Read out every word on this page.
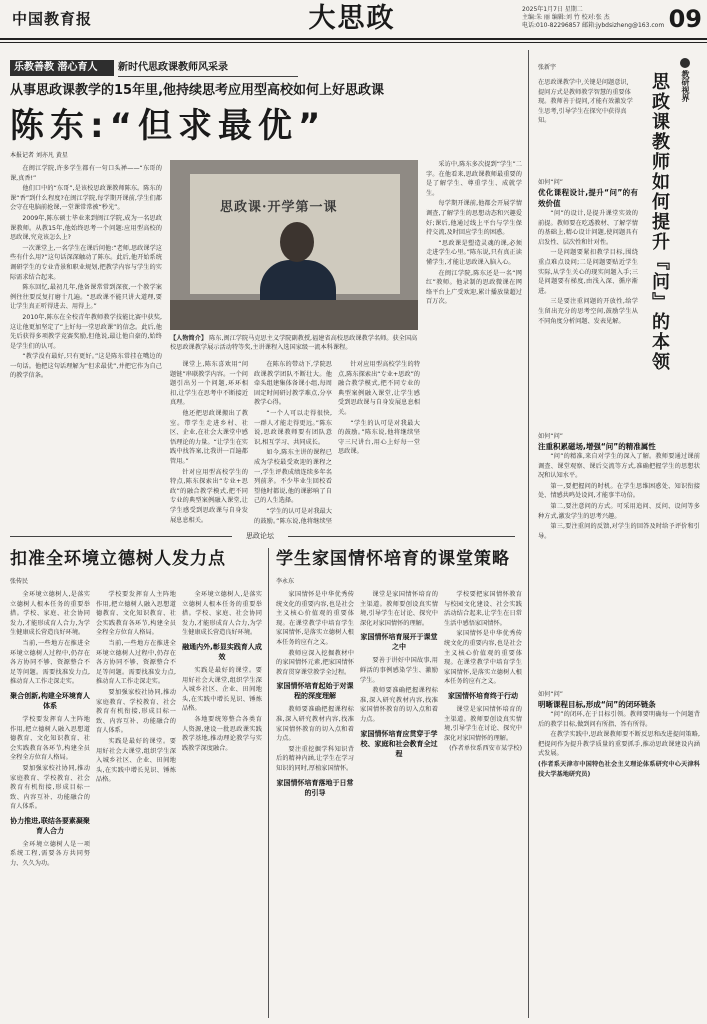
中国教育报	大思政	2025年1月7日 星期二
主编:朱 丽 编辑:刘 竹 校对:张 杰
电话:010-82296857 邮箱:jybdsizheng@163.com 09
乐教善教 潜心育人	新时代思政课教师风采录
从事思政课教学的15年里,他持续思考应用型高校如何上好思政课
陈东:“但求最优”
本报记者 刘亦凡 黄星

在闽江学院,许多学生都有一句口头禅——“东哥的课,真香!”

他们口中的“东哥”,是该校思政课教师陈东。陈东的课“香”到什么程度?在闽江学院,每学期开课前,学生们都会守在电脑前抢课,一堂课常常被“秒光”。

2009年,陈东硕士毕业来到闽江学院,成为一名思政课教师。从教15年,他始终思考一个问题:应用型高校的思政课,究竟该怎么上?

一次课堂上,一名学生在课后问他:“老师,思政课学这些有什么用?”这句话深深触动了陈东。此后,他开始系统调研学生的专业背景和职业规划,把教学内容与学生的实际需求结合起来。

陈东回忆,最初几年,他备课常常到深夜,一个教学案例往往要反复打磨十几遍。“思政课不能只讲大道理,要让学生真正听得进去、用得上。”

2010年,陈东在全校青年教师教学技能比赛中获奖,这让他更加坚定了“上好每一堂思政课”的信念。此后,他先后获得多项教学竞赛奖励,但他说,最让他自豪的,始终是学生们的认可。

“教学没有最好,只有更好。”这是陈东常挂在嘴边的一句话。他把这句话理解为“但求最优”,并把它作为自己的教学信条。

思政课·开学第一课
【人物简介】 陈东,闽江学院马克思主义学院副教授,福建省高校思政课教学名师。获全国高校思政课教学展示活动特等奖,主讲课程入选国家级一流本科课程。

课堂上,陈东喜欢用“问题链”串联教学内容。一个问题引出另一个问题,环环相扣,让学生在思考中不断接近真理。

他还把思政课搬出了教室。带学生走进乡村、社区、企业,在社会大课堂中感悟理论的力量。“让学生在实践中找答案,比我讲一百遍都管用。”

针对应用型高校学生的特点,陈东探索出“专业+思政”的融合教学模式,把不同专业的典型案例融入课堂,让学生感受到思政课与自身发展息息相关。

在陈东的带动下,学院思政课教学团队不断壮大。他牵头组建集体备课小组,每周固定时间研讨教学难点,分享教学心得。

“一个人可以走得很快,一群人才能走得更远。”陈东说,思政课教师要有团队意识,相互学习、共同成长。

如今,陈东主讲的课程已成为学校最受欢迎的课程之一,学生评教成绩连续多年名列前茅。不少毕业生回校看望他时都说,他的课影响了自己的人生选择。

“学生的认可是对我最大的鼓励。”陈东说,他将继续坚

采访中,陈东多次提到“学生”二字。在他看来,思政课教师最重要的是了解学生、尊重学生、成就学生。

每学期开课前,他都会开展学情调查,了解学生的思想动态和兴趣爱好;课后,他通过线上平台与学生保持交流,及时回应学生的困惑。

“思政课是塑造灵魂的课,必须走进学生心里。”陈东说,只有真正读懂学生,才能让思政课入脑入心。

在闽江学院,陈东还是一名“网红”教师。他录制的思政微课在网络平台上广受欢迎,累计播放量超过百万次。

针对应用型高校学生的特点,陈东探索出“专业+思政”的融合教学模式,把不同专业的典型案例融入课堂,让学生感受到思政课与自身发展息息相关。

“学生的认可是对我最大的鼓励。”陈东说,他将继续坚守三尺讲台,用心上好每一堂思政课。

思政论坛
扣准全环境立德树人发力点
张传民

全环境立德树人,是落实立德树人根本任务的重要举措。学校、家庭、社会协同发力,才能形成育人合力,为学生健康成长营造良好环境。

当前,一些地方在推进全环境立德树人过程中,仍存在各方协同不够、资源整合不足等问题。需要找准发力点,推动育人工作走深走实。

聚合创新,构建全环境育人体系

学校要发挥育人主阵地作用,把立德树人融入思想道德教育、文化知识教育、社会实践教育各环节,构建全员全程全方位育人格局。

要加强家校社协同,推动家庭教育、学校教育、社会教育有机衔接,形成目标一致、内容互补、功能融合的育人体系。

协力推进,联结各要素凝聚育人合力

全环境立德树人是一项系统工程,需要各方共同努力、久久为功。

学校要发挥育人主阵地作用,把立德树人融入思想道德教育、文化知识教育、社会实践教育各环节,构建全员全程全方位育人格局。

当前,一些地方在推进全环境立德树人过程中,仍存在各方协同不够、资源整合不足等问题。需要找准发力点,推动育人工作走深走实。

要加强家校社协同,推动家庭教育、学校教育、社会教育有机衔接,形成目标一致、内容互补、功能融合的育人体系。

实践是最好的课堂。要用好社会大课堂,组织学生深入城乡社区、企业、田间地头,在实践中增长见识、锤炼品格。

全环境立德树人,是落实立德树人根本任务的重要举措。学校、家庭、社会协同发力,才能形成育人合力,为学生健康成长营造良好环境。

融通内外,彰显实践育人成效

实践是最好的课堂。要用好社会大课堂,组织学生深入城乡社区、企业、田间地头,在实践中增长见识、锤炼品格。

各地要统筹整合各类育人资源,建设一批思政课实践教学基地,推动理论教学与实践教学深度融合。

学生家国情怀培育的课堂策略
李永东

家国情怀是中华优秀传统文化的重要内容,也是社会主义核心价值观的重要体现。在课堂教学中培育学生家国情怀,是落实立德树人根本任务的应有之义。

教师应深入挖掘教材中的家国情怀元素,把家国情怀教育贯穿课堂教学全过程。

家国情怀培育起始于对课程的深度理解

教师要准确把握课程标准,深入研究教材内容,找准家国情怀教育的切入点和着力点。

要注重挖掘学科知识背后的精神内涵,让学生在学习知识的同时,厚植家国情怀。

家国情怀培育落地于日常的引导

课堂是家国情怀培育的主渠道。教师要创设真实情境,引导学生在讨论、探究中深化对家国情怀的理解。

家国情怀培育展开于课堂之中

要善于讲好中国故事,用鲜活的事例感染学生、激励学生。

教师要准确把握课程标准,深入研究教材内容,找准家国情怀教育的切入点和着力点。

家国情怀培育应贯穿于学校、家庭和社会教育全过程

学校要把家国情怀教育与校园文化建设、社会实践活动结合起来,让学生在日常生活中感悟家国情怀。

家国情怀是中华优秀传统文化的重要内容,也是社会主义核心价值观的重要体现。在课堂教学中培育学生家国情怀,是落实立德树人根本任务的应有之义。

家国情怀培育终于行动

课堂是家国情怀培育的主渠道。教师要创设真实情境,引导学生在讨论、探究中深化对家国情怀的理解。

(作者单位系西安市某学校)

张新宇
教研视界
思政课教师如何提升『问』的本领
在思政课教学中,关键是问题意识,提问方式是教师教学智慧的重要体现。教师善于提问,才能有效激发学生思考,引导学生在探究中获得真知。
如何“问”
优化课程设计,提升“问”的有效价值

“问”的设计,是提升课堂实效的前提。教师要在吃透教材、了解学情的基础上,精心设计问题,使问题具有启发性、层次性和针对性。

一是问题要紧扣教学目标,围绕重点难点设问;二是问题要贴近学生实际,从学生关心的现实问题入手;三是问题要有梯度,由浅入深、循序渐进。

三是要注重问题的开放性,给学生留出充分的思考空间,鼓励学生从不同角度分析问题、发表见解。

如何“问”
注重积累磁场,增强“问”的精准属性

“问”的精准,来自对学生的深入了解。教师要通过课前调查、课堂观察、课后交流等方式,准确把握学生的思想状况和认知水平。

第一,要把握问的时机。在学生思维困惑处、知识衔接处、情感共鸣处设问,才能事半功倍。

第二,要注意问的方式。可采用追问、反问、设问等多种方式,激发学生的思考兴趣。

第三,要注重问的反馈,对学生的回答及时给予评价和引导。

如何“问”
明晰课程目标,形成“问”的闭环链条

“问”的闭环,在于目标引领。教师要明确每一个问题背后的教学目标,做到问有所指、答有所得。

在教学实践中,思政课教师要不断反思和改进提问策略,把提问作为提升教学质量的重要抓手,推动思政课建设内涵式发展。

(作者系天津市中国特色社会主义理论体系研究中心天津科技大学基地研究员)
